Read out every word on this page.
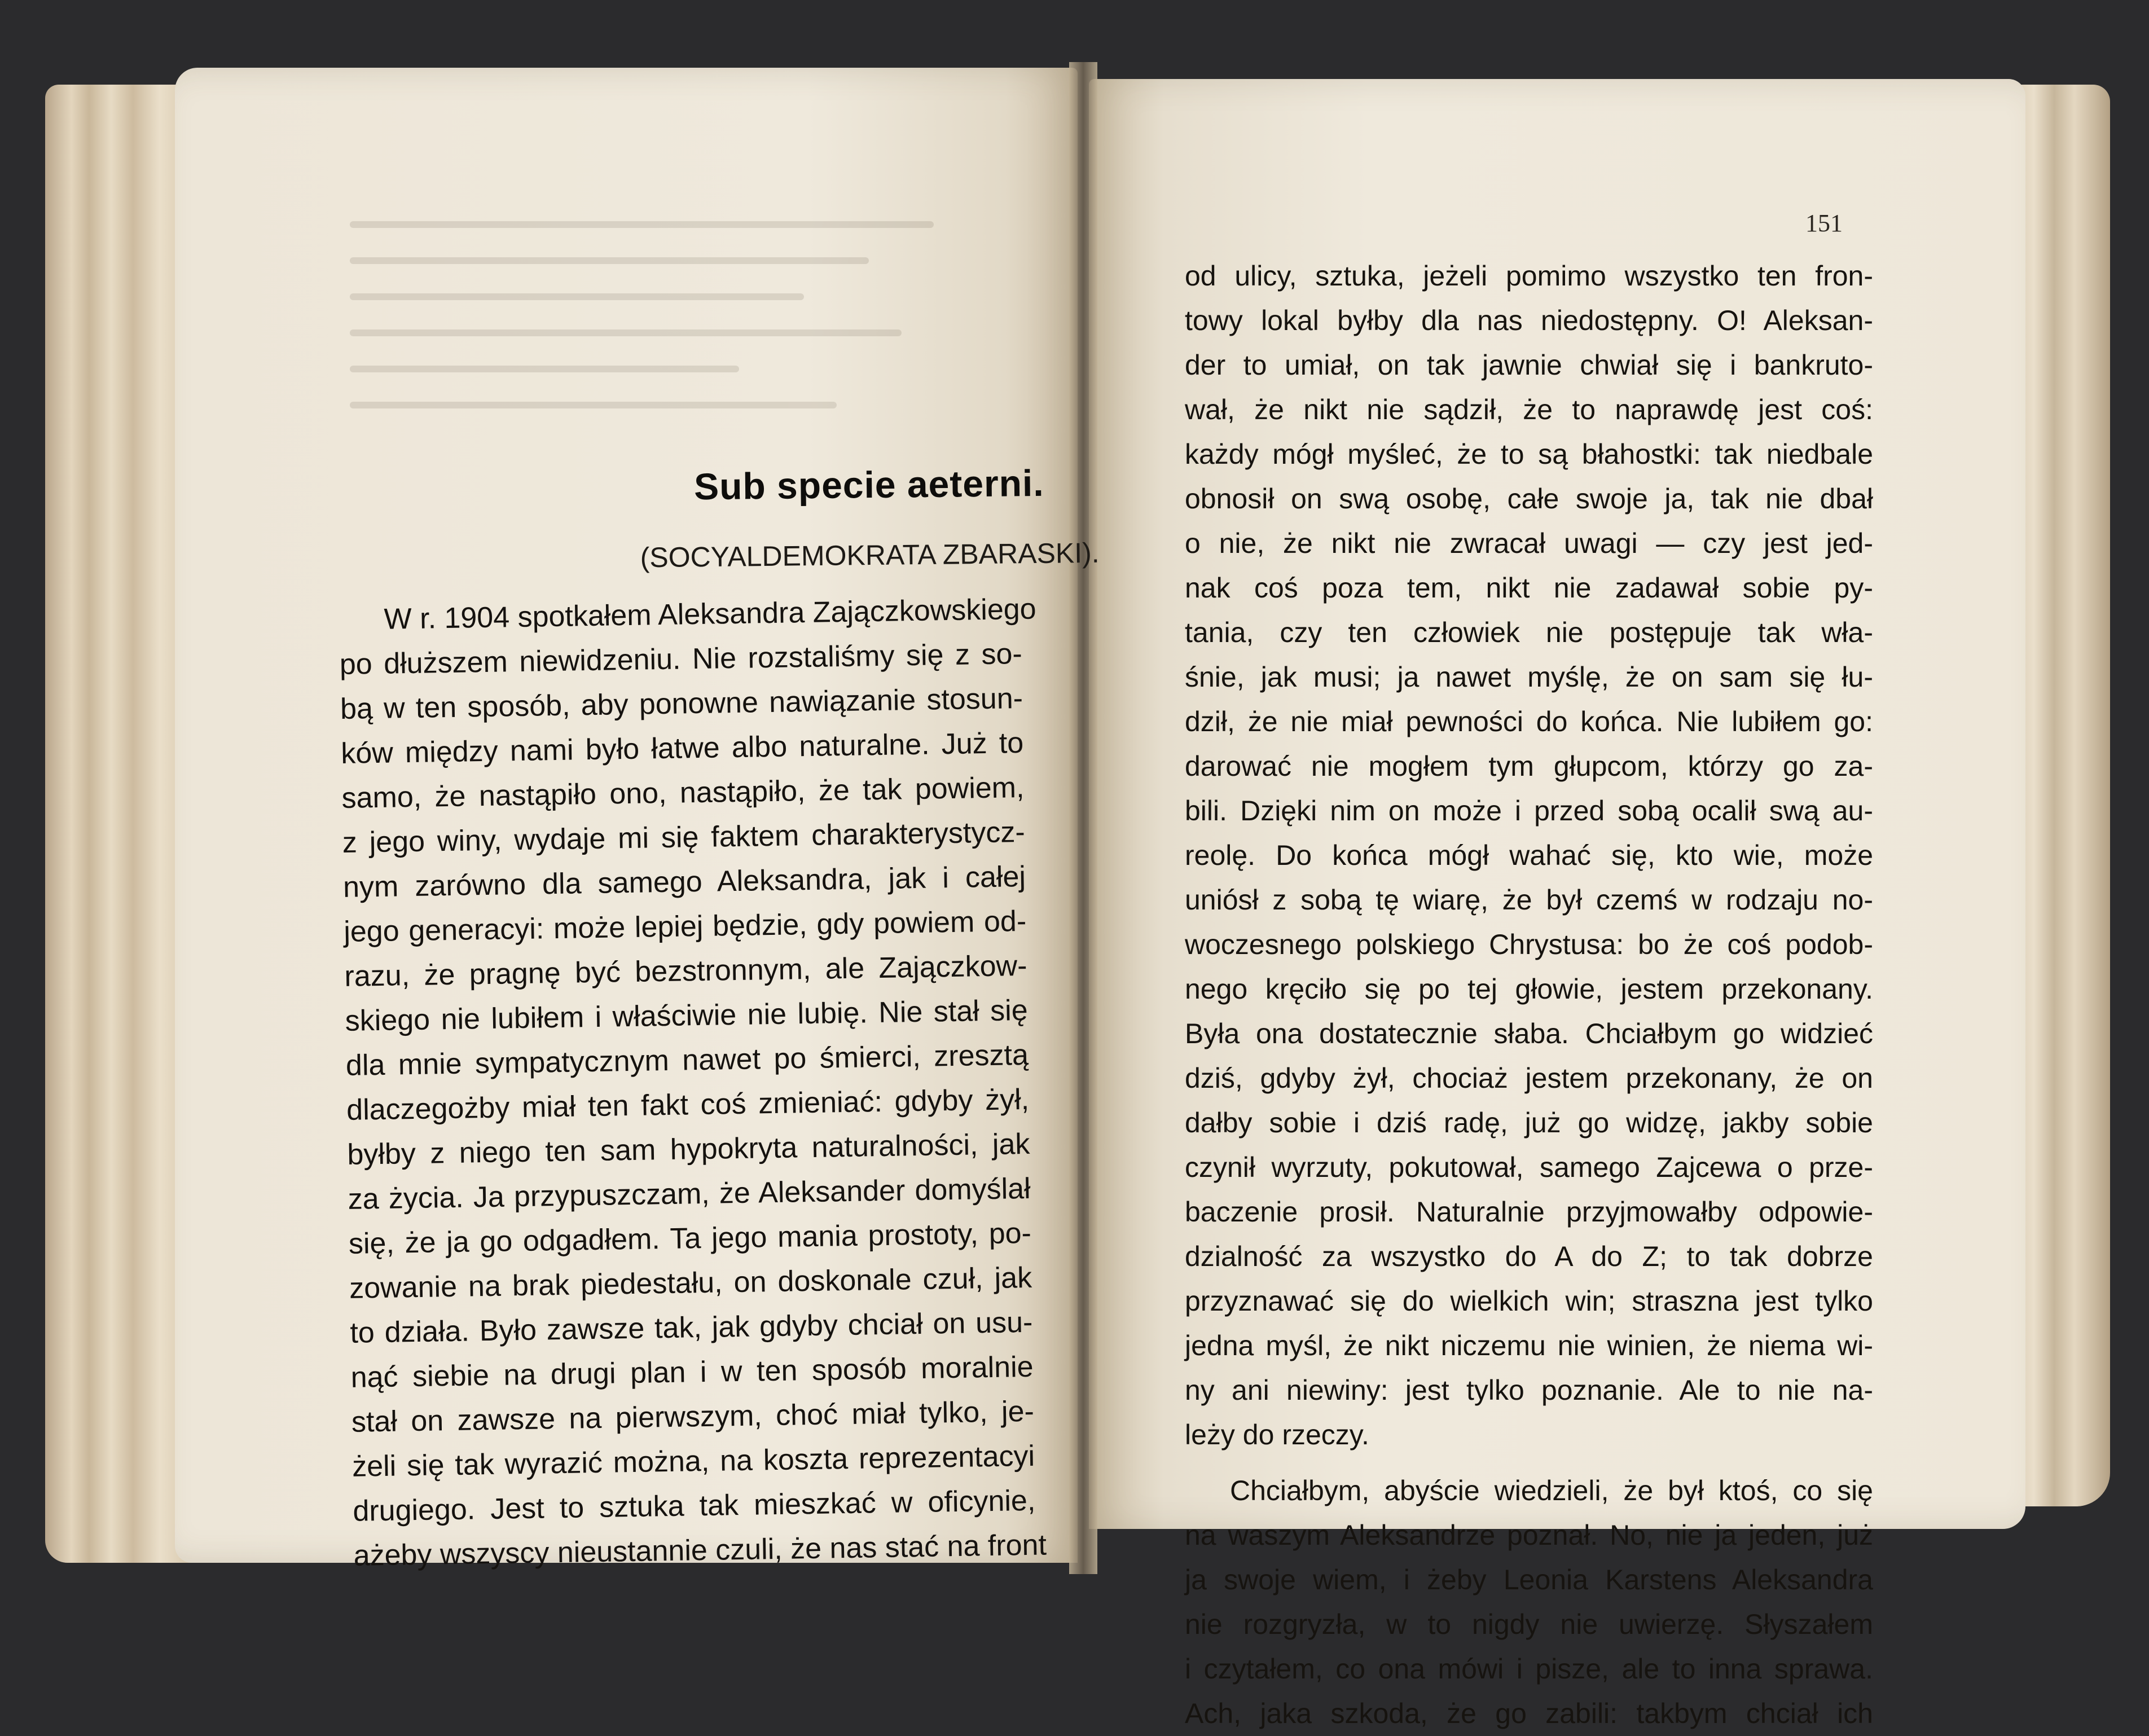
Sub specie aeterni.

(SOCYALDEMOKRATA ZBARASKI).

W r. 1904 spotkałem Aleksandra Zajączkowskiego
po dłuższem niewidzeniu. Nie rozstaliśmy się z so-
bą w ten sposób, aby ponowne nawiązanie stosun-
ków między nami było łatwe albo naturalne. Już to
samo, że nastąpiło ono, nastąpiło, że tak powiem,
z jego winy, wydaje mi się faktem charakterystycz-
nym zarówno dla samego Aleksandra, jak i całej
jego generacyi: może lepiej będzie, gdy powiem od-
razu, że pragnę być bezstronnym, ale Zajączkow-
skiego nie lubiłem i właściwie nie lubię. Nie stał się
dla mnie sympatycznym nawet po śmierci, zresztą
dlaczegożby miał ten fakt coś zmieniać: gdyby żył,
byłby z niego ten sam hypokryta naturalności, jak
za życia. Ja przypuszczam, że Aleksander domyślał
się, że ja go odgadłem. Ta jego mania prostoty, po-
zowanie na brak piedestału, on doskonale czuł, jak
to działa. Było zawsze tak, jak gdyby chciał on usu-
nąć siebie na drugi plan i w ten sposób moralnie
stał on zawsze na pierwszym, choć miał tylko, je-
żeli się tak wyrazić można, na koszta reprezentacyi
drugiego. Jest to sztuka tak mieszkać w oficynie,
ażeby wszyscy nieustannie czuli, że nas stać na front
151
od ulicy, sztuka, jeżeli pomimo wszystko ten fron-
towy lokal byłby dla nas niedostępny. O! Aleksan-
der to umiał, on tak jawnie chwiał się i bankruto-
wał, że nikt nie sądził, że to naprawdę jest coś:
każdy mógł myśleć, że to są błahostki: tak niedbale
obnosił on swą osobę, całe swoje ja, tak nie dbał
o nie, że nikt nie zwracał uwagi — czy jest jed-
nak coś poza tem, nikt nie zadawał sobie py-
tania, czy ten człowiek nie postępuje tak wła-
śnie, jak musi; ja nawet myślę, że on sam się łu-
dził, że nie miał pewności do końca. Nie lubiłem go:
darować nie mogłem tym głupcom, którzy go za-
bili. Dzięki nim on może i przed sobą ocalił swą au-
reolę. Do końca mógł wahać się, kto wie, może
uniósł z sobą tę wiarę, że był czemś w rodzaju no-
woczesnego polskiego Chrystusa: bo że coś podob-
nego kręciło się po tej głowie, jestem przekonany.
Była ona dostatecznie słaba. Chciałbym go widzieć
dziś, gdyby żył, chociaż jestem przekonany, że on
dałby sobie i dziś radę, już go widzę, jakby sobie
czynił wyrzuty, pokutował, samego Zajcewa o prze-
baczenie prosił. Naturalnie przyjmowałby odpowie-
dzialność za wszystko do A do Z; to tak dobrze
przyznawać się do wielkich win; straszna jest tylko
jedna myśl, że nikt niczemu nie winien, że niema wi-
ny ani niewiny: jest tylko poznanie. Ale to nie na-
leży do rzeczy.
Chciałbym, abyście wiedzieli, że był ktoś, co się
na waszym Aleksandrze poznał. No, nie ja jeden, już
ja swoje wiem, i żeby Leonia Karstens Aleksandra
nie rozgryzła, w to nigdy nie uwierzę. Słyszałem
i czytałem, co ona mówi i pisze, ale to inna sprawa.
Ach, jaka szkoda, że go zabili: takbym chciał ich
